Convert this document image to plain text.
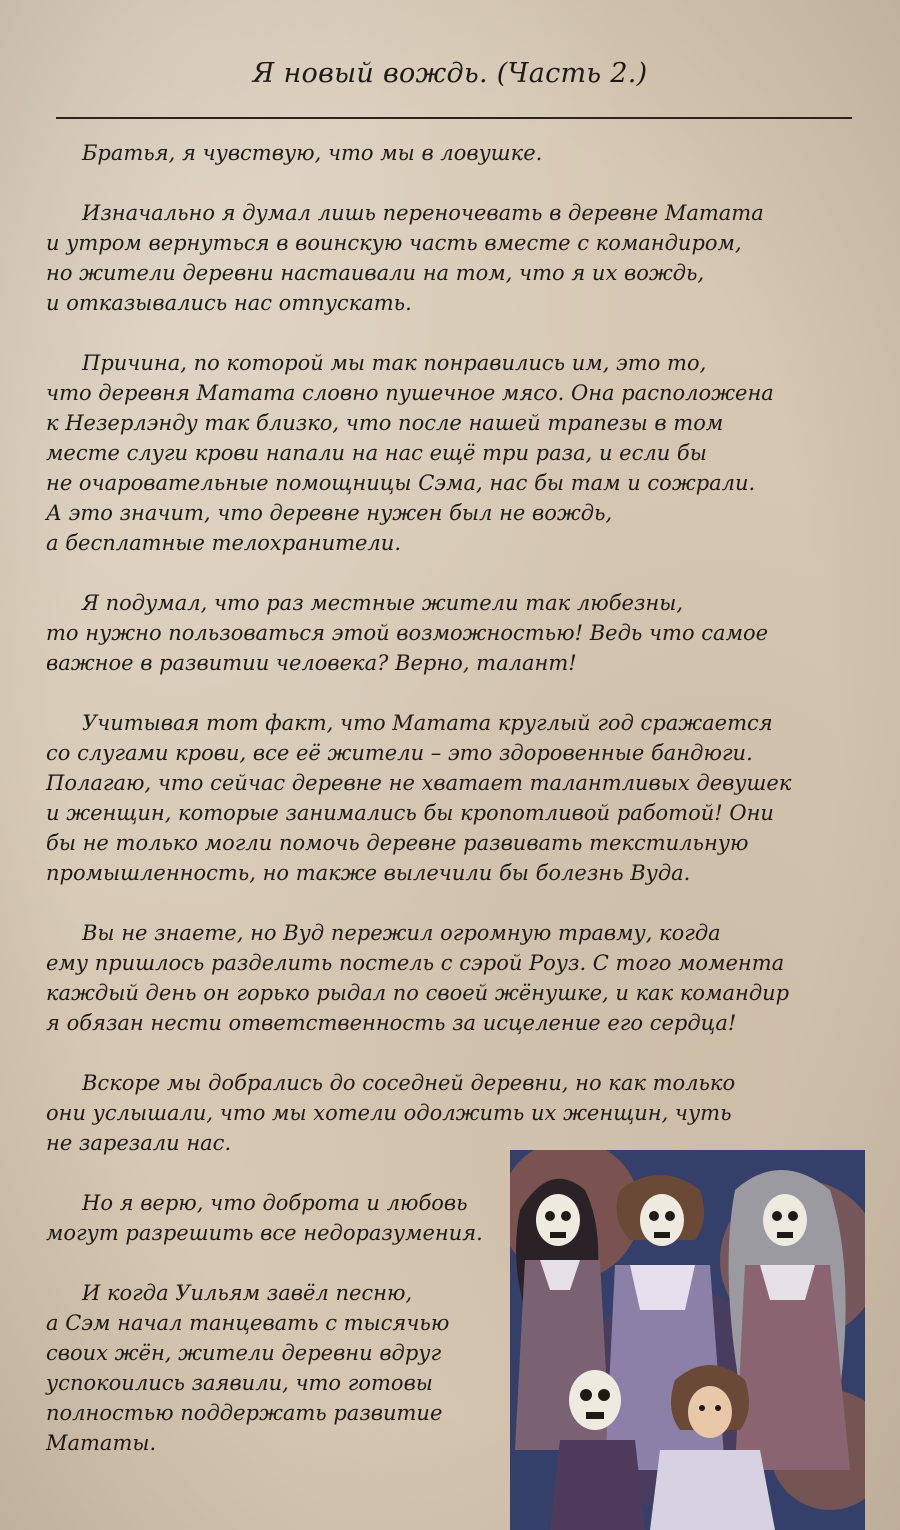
Я новый вождь. (Часть 2.)
Братья, я чувствую, что мы в ловушке.
Изначально я думал лишь переночевать в деревне Матата
и утром вернуться в воинскую часть вместе с командиром,
но жители деревни настаивали на том, что я их вождь,
и отказывались нас отпускать.
Причина, по которой мы так понравились им, это то,
что деревня Матата словно пушечное мясо. Она расположена
к Незерлэнду так близко, что после нашей трапезы в том
месте слуги крови напали на нас ещё три раза, и если бы
не очаровательные помощницы Сэма, нас бы там и сожрали.
А это значит, что деревне нужен был не вождь,
а бесплатные телохранители.
Я подумал, что раз местные жители так любезны,
то нужно пользоваться этой возможностью! Ведь что самое
важное в развитии человека? Верно, талант!
Учитывая тот факт, что Матата круглый год сражается
со слугами крови, все её жители – это здоровенные бандюги.
Полагаю, что сейчас деревне не хватает талантливых девушек
и женщин, которые занимались бы кропотливой работой! Они
бы не только могли помочь деревне развивать текстильную
промышленность, но также вылечили бы болезнь Вуда.
Вы не знаете, но Вуд пережил огромную травму, когда
ему пришлось разделить постель с сэрой Роуз. С того момента
каждый день он горько рыдал по своей жёнушке, и как командир
я обязан нести ответственность за исцеление его сердца!
Вскоре мы добрались до соседней деревни, но как только
они услышали, что мы хотели одолжить их женщин, чуть
не зарезали нас.
Но я верю, что доброта и любовь
могут разрешить все недоразумения.
И когда Уильям завёл песню,
а Сэм начал танцевать с тысячью
своих жён, жители деревни вдруг
успокоились заявили, что готовы
полностью поддержать развитие
Мататы.
